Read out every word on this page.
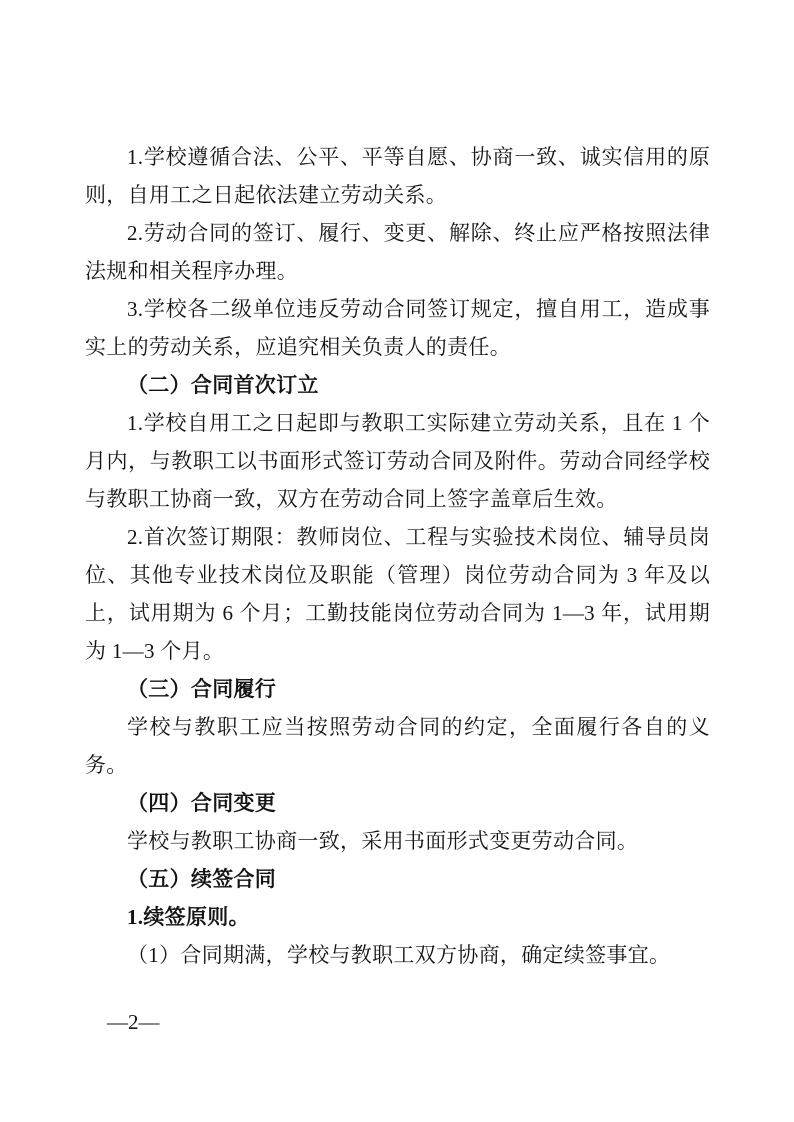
1.学校遵循合法、公平、平等自愿、协商一致、诚实信用的原则，自用工之日起依法建立劳动关系。

2.劳动合同的签订、履行、变更、解除、终止应严格按照法律法规和相关程序办理。

3.学校各二级单位违反劳动合同签订规定，擅自用工，造成事实上的劳动关系，应追究相关负责人的责任。

（二）合同首次订立

1.学校自用工之日起即与教职工实际建立劳动关系，且在 1 个月内，与教职工以书面形式签订劳动合同及附件。劳动合同经学校与教职工协商一致，双方在劳动合同上签字盖章后生效。

2.首次签订期限：教师岗位、工程与实验技术岗位、辅导员岗位、其他专业技术岗位及职能（管理）岗位劳动合同为 3 年及以上，试用期为 6 个月；工勤技能岗位劳动合同为 1—3 年，试用期为 1—3 个月。

（三）合同履行

学校与教职工应当按照劳动合同的约定，全面履行各自的义务。

（四）合同变更

学校与教职工协商一致，采用书面形式变更劳动合同。

（五）续签合同

1.续签原则。

（1）合同期满，学校与教职工双方协商，确定续签事宜。

—2—
